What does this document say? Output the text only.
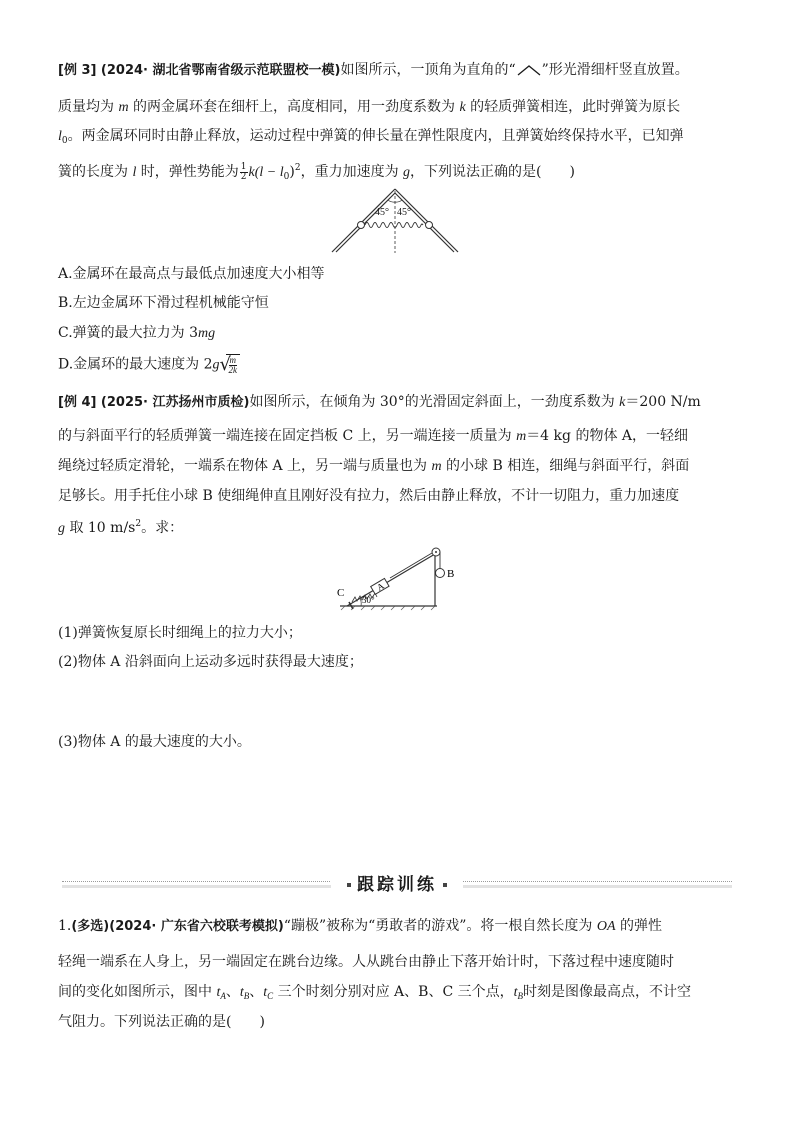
[例 3] (2024· 湖北省鄂南省级示范联盟校一模)如图所示，一顶角为直角的“ ”形光滑细杆竖直放置。
质量均为 m 的两金属环套在细杆上，高度相同，用一劲度系数为 k 的轻质弹簧相连，此时弹簧为原长
$l_0$。两金属环同时由静止释放，运动过程中弹簧的伸长量在弹性限度内，且弹簧始终保持水平，已知弹
簧的长度为 l 时，弹性势能为 $\frac{1}{2} k(l - l_0)^2$，重力加速度为 g，下列说法正确的是(　　)
45° 45°
A.金属环在最高点与最低点加速度大小相等
B.左边金属环下滑过程机械能守恒
C.弹簧的最大拉力为 3mg
D.金属环的最大速度为 2g √
$\frac{m}{2k}$
[例 4] (2025· 江苏扬州市质检)如图所示，在倾角为 30°的光滑固定斜面上，一劲度系数为 k＝200 N/m
的与斜面平行的轻质弹簧一端连接在固定挡板 C 上，另一端连接一质量为 m＝4 kg 的物体 A，一轻细
绳绕过轻质定滑轮，一端系在物体 A 上，另一端与质量也为 m 的小球 B 相连，细绳与斜面平行，斜面
足够长。用手托住小球 B 使细绳伸直且刚好没有拉力，然后由静止释放，不计一切阻力，重力加速度
g 取 10 $m/s^2$。求：
C
A
B
30°
(1)弹簧恢复原长时细绳上的拉力大小；
(2)物体 A 沿斜面向上运动多远时获得最大速度；
(3)物体 A 的最大速度的大小。
跟踪训练
1.(多选)(2024· 广东省六校联考模拟)“蹦极”被称为“勇敢者的游戏”。将一根自然长度为 OA 的弹性
轻绳一端系在人身上，另一端固定在跳台边缘。人从跳台由静止下落开始计时，下落过程中速度随时
间的变化如图所示，图中 $t_A$、$t_B$、$t_C$ 三个时刻分别对应 A、B、C 三个点，$t_B$时刻是图像最高点，不计空
气阻力。下列说法正确的是(　　)
